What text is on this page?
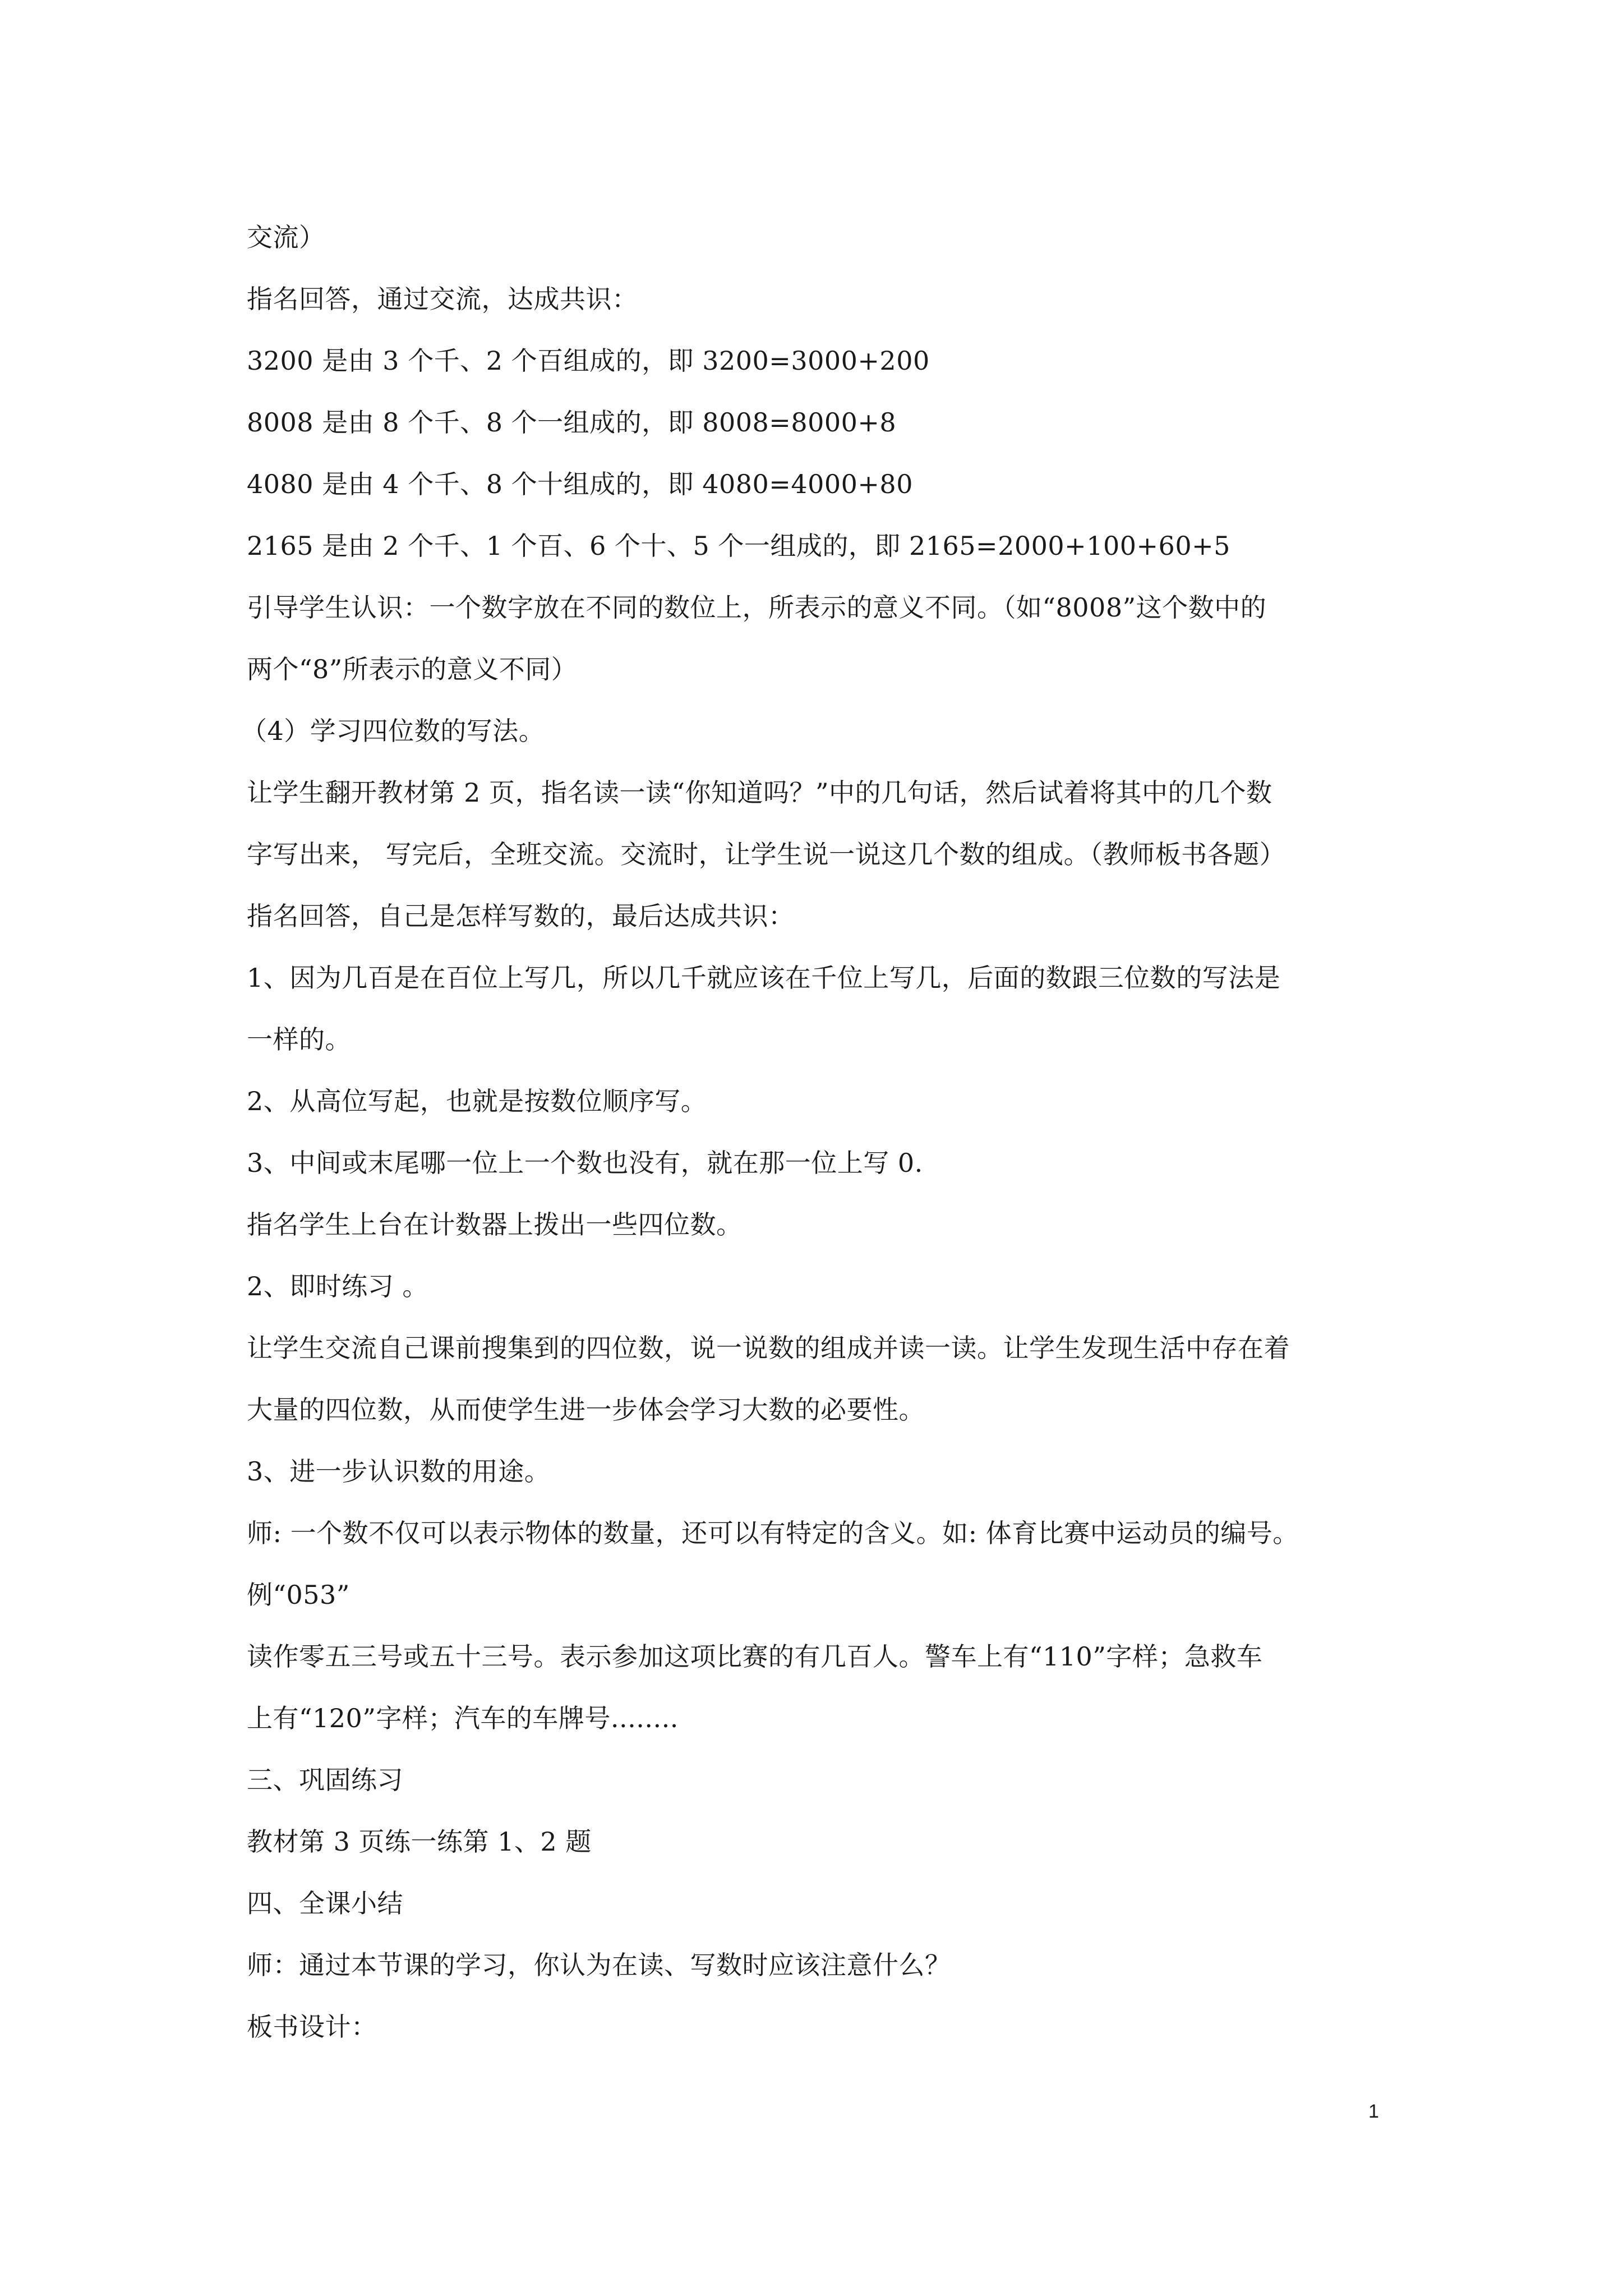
交流）
指名回答，通过交流，达成共识：
3200 是由 3 个千、2 个百组成的，即 3200=3000+200
8008 是由 8 个千、8 个一组成的，即 8008=8000+8
4080 是由 4 个千、8 个十组成的，即 4080=4000+80
2165 是由 2 个千、1 个百、6 个十、5 个一组成的，即 2165=2000+100+60+5
引导学生认识：一个数字放在不同的数位上，所表示的意义不同。（如“8008”这个数中的
两个“8”所表示的意义不同）
（4）学习四位数的写法。
让学生翻开教材第 2 页，指名读一读“你知道吗？”中的几句话，然后试着将其中的几个数
字写出来， 写完后，全班交流。交流时，让学生说一说这几个数的组成。（教师板书各题）
指名回答，自己是怎样写数的，最后达成共识：
1、因为几百是在百位上写几，所以几千就应该在千位上写几，后面的数跟三位数的写法是
一样的。
2、从高位写起，也就是按数位顺序写。
3、中间或末尾哪一位上一个数也没有，就在那一位上写 0.
指名学生上台在计数器上拨出一些四位数。
2、即时练习 。
让学生交流自己课前搜集到的四位数，说一说数的组成并读一读。让学生发现生活中存在着
大量的四位数，从而使学生进一步体会学习大数的必要性。
3、进一步认识数的用途。
师: 一个数不仅可以表示物体的数量，还可以有特定的含义。如: 体育比赛中运动员的编号。
例“053”
读作零五三号或五十三号。表示参加这项比赛的有几百人。警车上有“110”字样；急救车
上有“120”字样；汽车的车牌号........
三、巩固练习
教材第 3 页练一练第 1、2 题
四、全课小结
师：通过本节课的学习，你认为在读、写数时应该注意什么？
板书设计：
1
